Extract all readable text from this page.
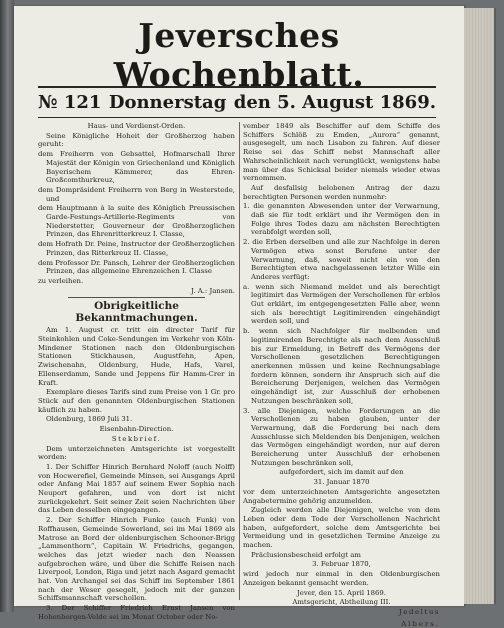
Jeversches Wochenblatt.
№ 121 Donnerstag den 5. August 1869.

Haus- und Verdienst-Orden.

Seine Königliche Hoheit der Großherzog haben geruht:

dem Freiherrn von Gebsattel, Hofmarschall Ihrer Majestät der Königin von Griechenland und Königlich Bayerischem Kämmerer, das Ehren-Großcomthurkreuz,

dem Dompräsident Freiherrn von Berg in Westerstede, und

dem Hauptmann à la suite des Königlich Preussischen Garde-Festungs-Artillerie-Regiments von Niederstetter, Gouverneur der Großherzoglichen Prinzen, das Ehrenritterkreuz I. Classe,

dem Hofrath Dr. Peine, Instructor der Großherzoglichen Prinzen, das Ritterkreuz II. Classe,

dem Professor Dr. Pansch, Lehrer der Großherzoglichen Prinzen, das allgemeine Ehrenzeichen I. Classe

zu verleihen.

J. A.: Jansen.

Obrigkeitliche Bekanntmachungen.

Am 1. August cr. tritt ein directer Tarif für Steinkohlen und Coke-Sendungen im Verkehr von Köln-Mindener Stationen nach den Oldenburgischen Stationen Stickhausen, Augustfehn, Apen, Zwischenahn, Oldenburg, Hude, Hafs, Varel, Ellenserdamm, Sande und Jeppens für Hamm-Crer in Kraft.

Exemplare dieses Tarifs sind zum Preise von 1 Gr. pro Stück auf den genannten Oldenburgischen Stationen käuflich zu haben.

Oldenburg, 1869 Juli 31.

Eisenbahn-Direction.

Stekbrief.

Dem unterzeichneten Amtsgerichte ist vorgestellt worden:

1. Der Schiffer Hinrich Bernhard Noloff (auch Nolff) von Hocwerefiel, Gemeinde Minsen, sei Ausgangs April oder Anfang Mai 1857 auf seinem Ewer Sophia nach Neuport gefahren, und von dort ist nicht zurückgekehrt. Seit seiner Zeit seien Nachrichten über das Leben desselben eingegangen.

2. Der Schiffer Hinrich Funke (auch Funk) von Roffhausen, Gemeinde Sowerland, sei im Mai 1869 als Matrose an Bord der oldenburgischen Schooner-Brigg „Lammenthorn“, Capitain W. Friedrichs, gegangen, welches das jetzt wieder nach den Neassen aufgebrochen wäre, und über die Schiffe Reisen nach Liverpool, London, Riga und jetzt nach Asgard gemacht hat. Von Archangel sei das Schiff im September 1861 nach der Weser gesegelt, jedoch mit der ganzen Schiffsmannschaft verschollen.

3. Der Schiffer Friedrich Ernst Jansen von Hohenborgen-Velde sei im Monat October oder No-

vember 1849 als Beschiffer auf dem Schiffe des Schiffers Schlöß zu Emden, „Aurora“ genannt, ausgesegelt, um nach Lisabon zu fahren. Auf dieser Reise sei das Schiff nebst Mannschaft aller Wahrscheinlichkeit nach verunglückt, wenigstens habe man über das Schicksal beider niemals wieder etwas vernommen.

Auf desfallsig belobenen Antrag der dazu berechtigten Personen werden nunmehr:

1. die genannten Abwesenden unter der Verwarnung, daß sie für todt erklärt und ihr Vermögen den in Folge ihres Todes dazu am nächsten Berechtigten verabfolgt werden soll,

2. die Erben derselben und alle zur Nachfolge in deren Vermögen etwa sonst Berufene unter der Verwarnung, daß, soweit nicht ein von den Berechtigten etwa nachgelassenen letzter Wille ein Anderes verfügt:

a. wenn sich Niemand meldet und als berechtigt legitimirt das Vermögen der Verschollenen für erblos Gut erklärt, im entgegengesetzten Falle aber, wenn sich als berechtigt Legitimirenden eingehändigt werden soll, und

b. wenn sich Nachfolger für melbenden und legitimirenden Berechtigte als nach dem Ausschluß bis zur Ermeldung, in Betreff des Vermögens der Verschollenen gesetzlichen Berechtigungen anerkennen müssen und keine Rechnungsablage fordern können, sondern ihr Anspruch sich auf die Bereicherung Derjenigen, welchen das Vermögen eingehändigt ist, zur Ausschluß der erhobenen Nutzungen beschränken soll,

3. alle Diejenigen, welche Forderungen an die Verschollenen zu haben glauben, unter der Verwarnung, daß die Forderung bei nach dem Ausschlusse sich Meldenden bis Denjenigen, welchen das Vermögen eingehändigt worden, nur auf deren Bereicherung unter Ausschluß der erhobenen Nutzungen beschränken soll,

aufgefordert, sich im damit auf den

31. Januar 1870

vor dem unterzeichneten Amtsgerichte angesetzten Angabetermine gehörig anzumelden.

Zugleich werden alle Diejenigen, welche von dem Leben oder dem Tode der Verschollenen Nachricht haben, aufgefordert, solche dem Amtsgerichte bei Vermeidung und in gesetzlichen Termine Anzeige zu machen.

Präclusionsbescheid erfolgt am

3. Februar 1870,

wird jedoch nur einmal in den Oldenburgischen Anzeigen bekannt gemacht werden.

Jever, den 15. April 1869.

Amtsgericht, Abtheilung III.

Jedeltus

Albers.
